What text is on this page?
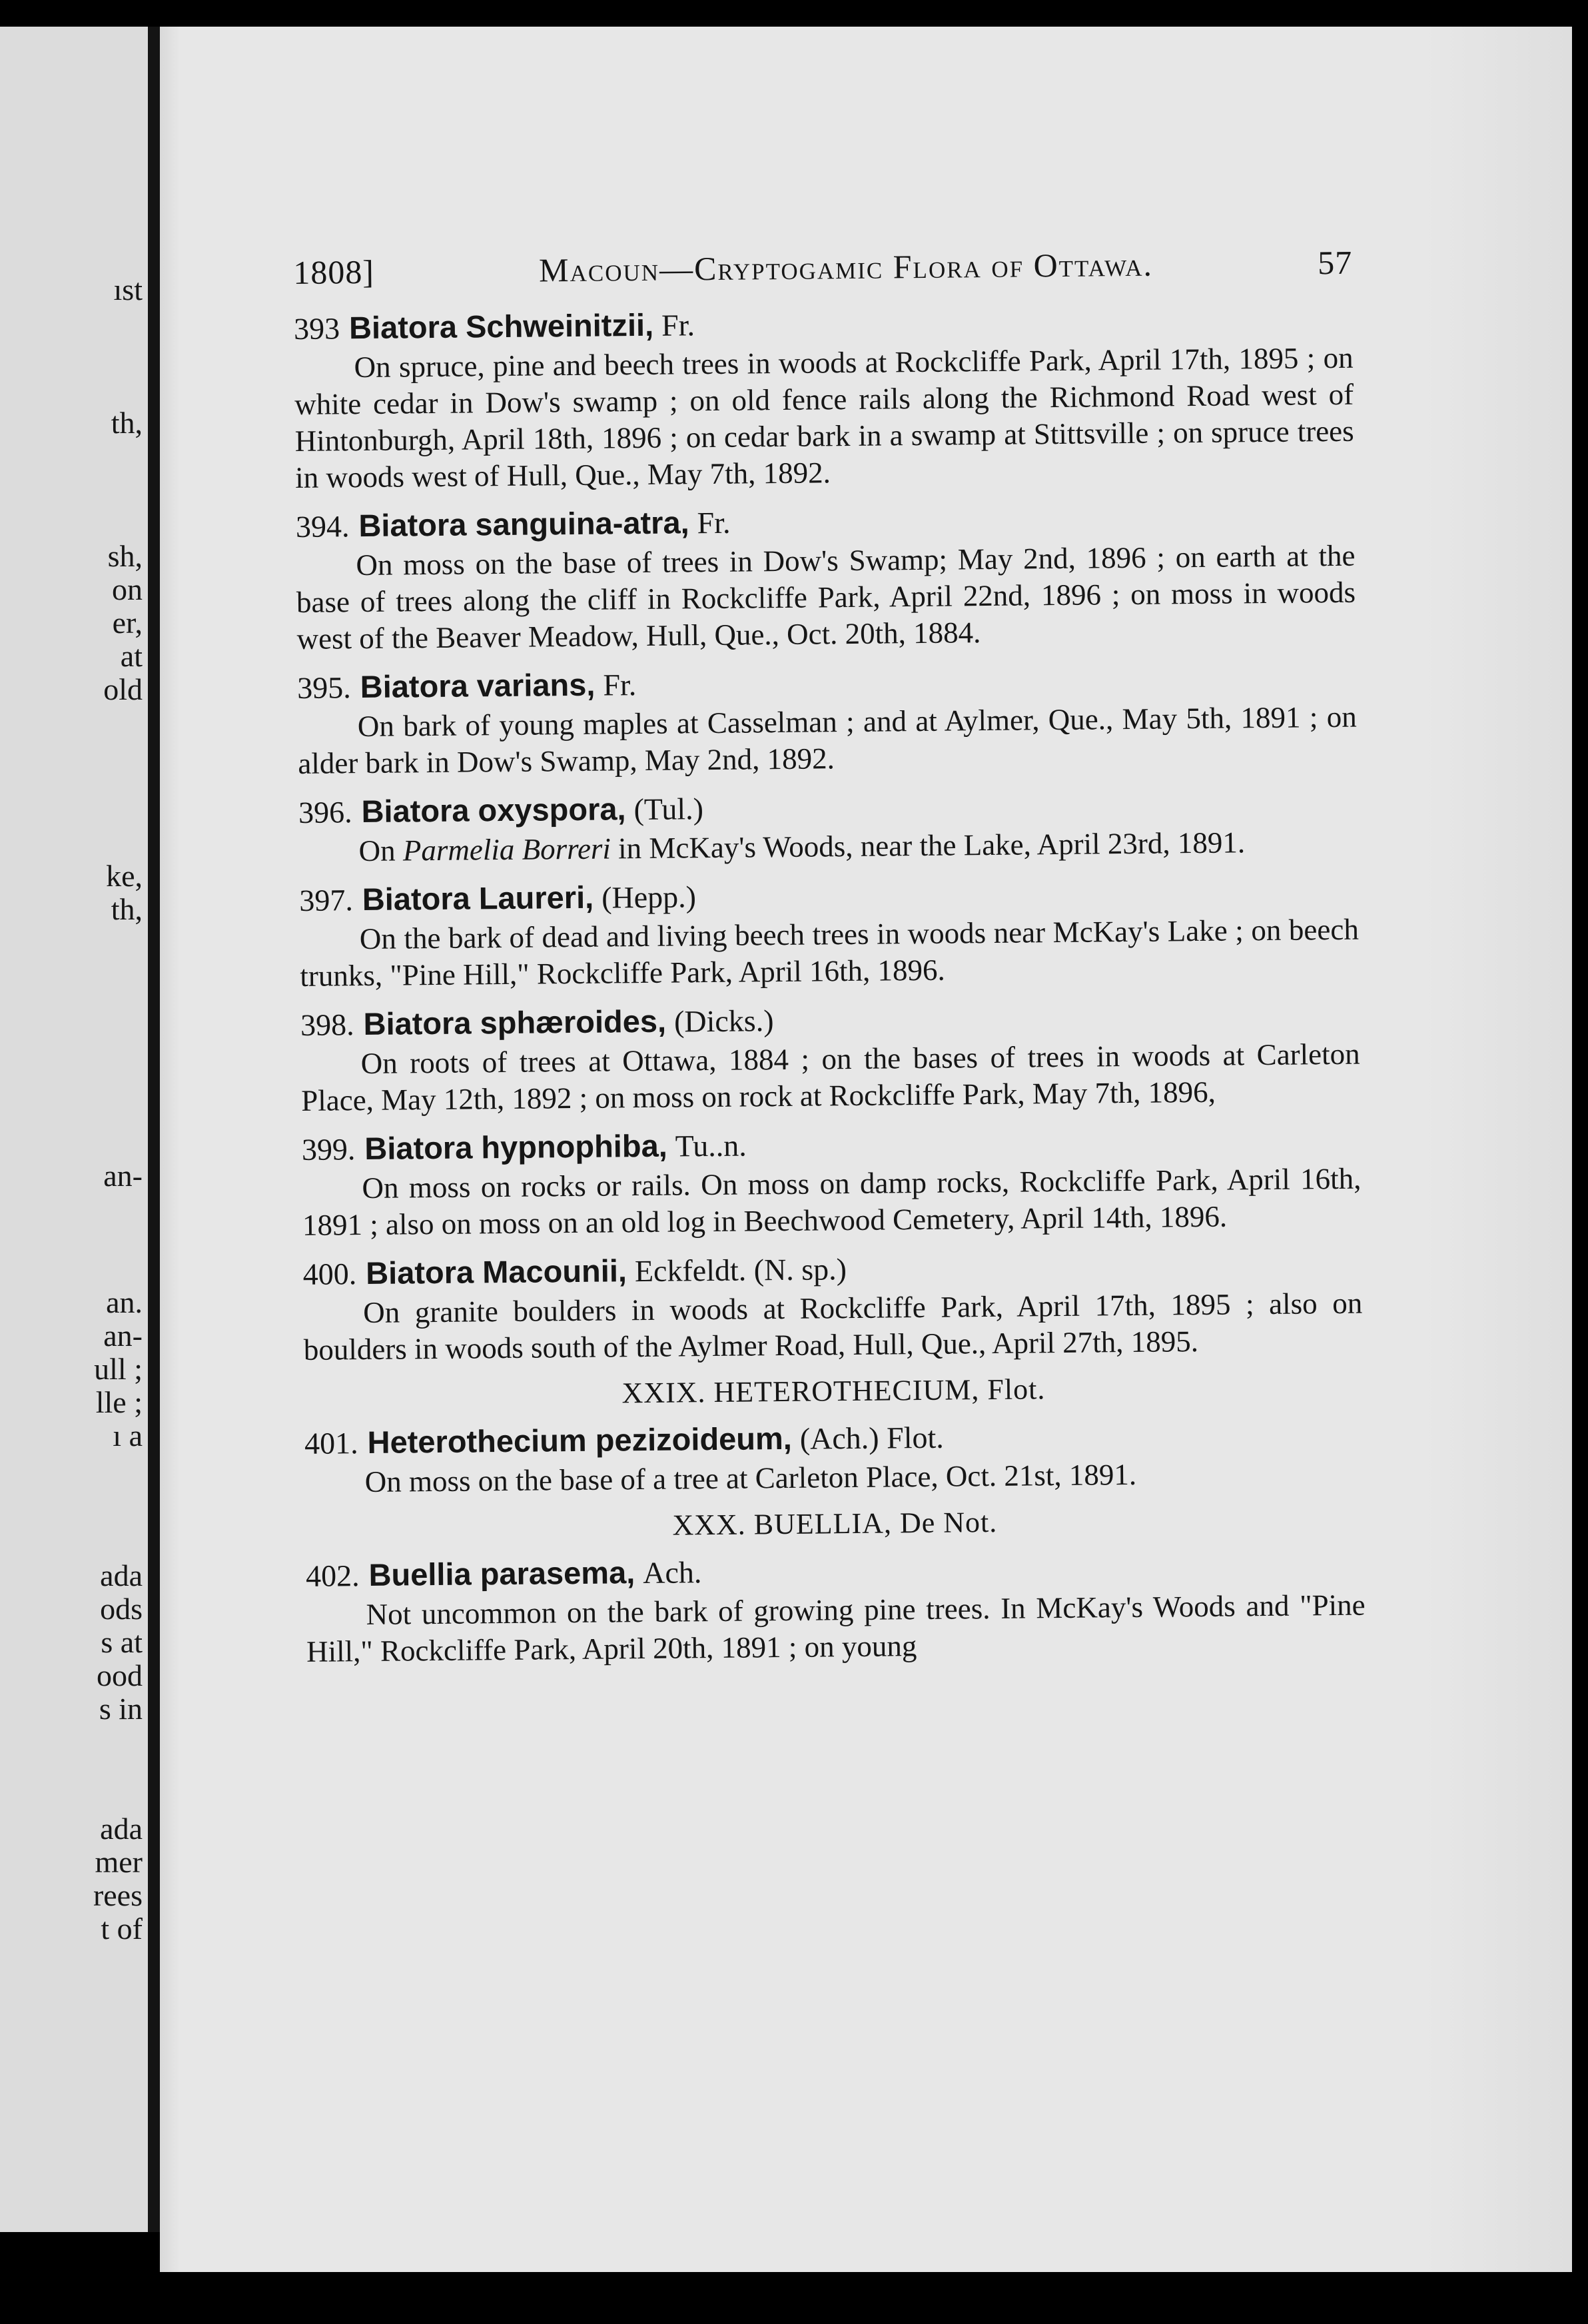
ıst
th,
sh,
on
er,
at
old
ke,
th,
an-
an.
an-
ull ;
lle ;
ı a
ada
ods
s at
ood
s in
ada
mer
rees
t of
1808]	Macoun—Cryptogamic Flora of Ottawa.	57

393 Biatora Schweinitzii, Fr.

On spruce, pine and beech trees in woods at Rockcliffe Park, April 17th, 1895 ; on white cedar in Dow's swamp ; on old fence rails along the Richmond Road west of Hintonburgh, April 18th, 1896 ; on cedar bark in a swamp at Stittsville ; on spruce trees in woods west of Hull, Que., May 7th, 1892.

394. Biatora sanguina-atra, Fr.

On moss on the base of trees in Dow's Swamp; May 2nd, 1896 ; on earth at the base of trees along the cliff in Rockcliffe Park, April 22nd, 1896 ; on moss in woods west of the Beaver Meadow, Hull, Que., Oct. 20th, 1884.

395. Biatora varians, Fr.

On bark of young maples at Casselman ; and at Aylmer, Que., May 5th, 1891 ; on alder bark in Dow's Swamp, May 2nd, 1892.

396. Biatora oxyspora, (Tul.)

On Parmelia Borreri in McKay's Woods, near the Lake, April 23rd, 1891.

397. Biatora Laureri, (Hepp.)

On the bark of dead and living beech trees in woods near McKay's Lake ; on beech trunks, "Pine Hill," Rockcliffe Park, April 16th, 1896.

398. Biatora sphæroides, (Dicks.)

On roots of trees at Ottawa, 1884 ; on the bases of trees in woods at Carleton Place, May 12th, 1892 ; on moss on rock at Rockcliffe Park, May 7th, 1896,

399. Biatora hypnophiba, Tu..n.

On moss on rocks or rails. On moss on damp rocks, Rockcliffe Park, April 16th, 1891 ; also on moss on an old log in Beechwood Cemetery, April 14th, 1896.

400. Biatora Macounii, Eckfeldt. (N. sp.)

On granite boulders in woods at Rockcliffe Park, April 17th, 1895 ; also on boulders in woods south of the Aylmer Road, Hull, Que., April 27th, 1895.

XXIX. HETEROTHECIUM, Flot.

401. Heterothecium pezizoideum, (Ach.) Flot.

On moss on the base of a tree at Carleton Place, Oct. 21st, 1891.

XXX. BUELLIA, De Not.

402. Buellia parasema, Ach.

Not uncommon on the bark of growing pine trees. In McKay's Woods and "Pine Hill," Rockcliffe Park, April 20th, 1891 ; on young
